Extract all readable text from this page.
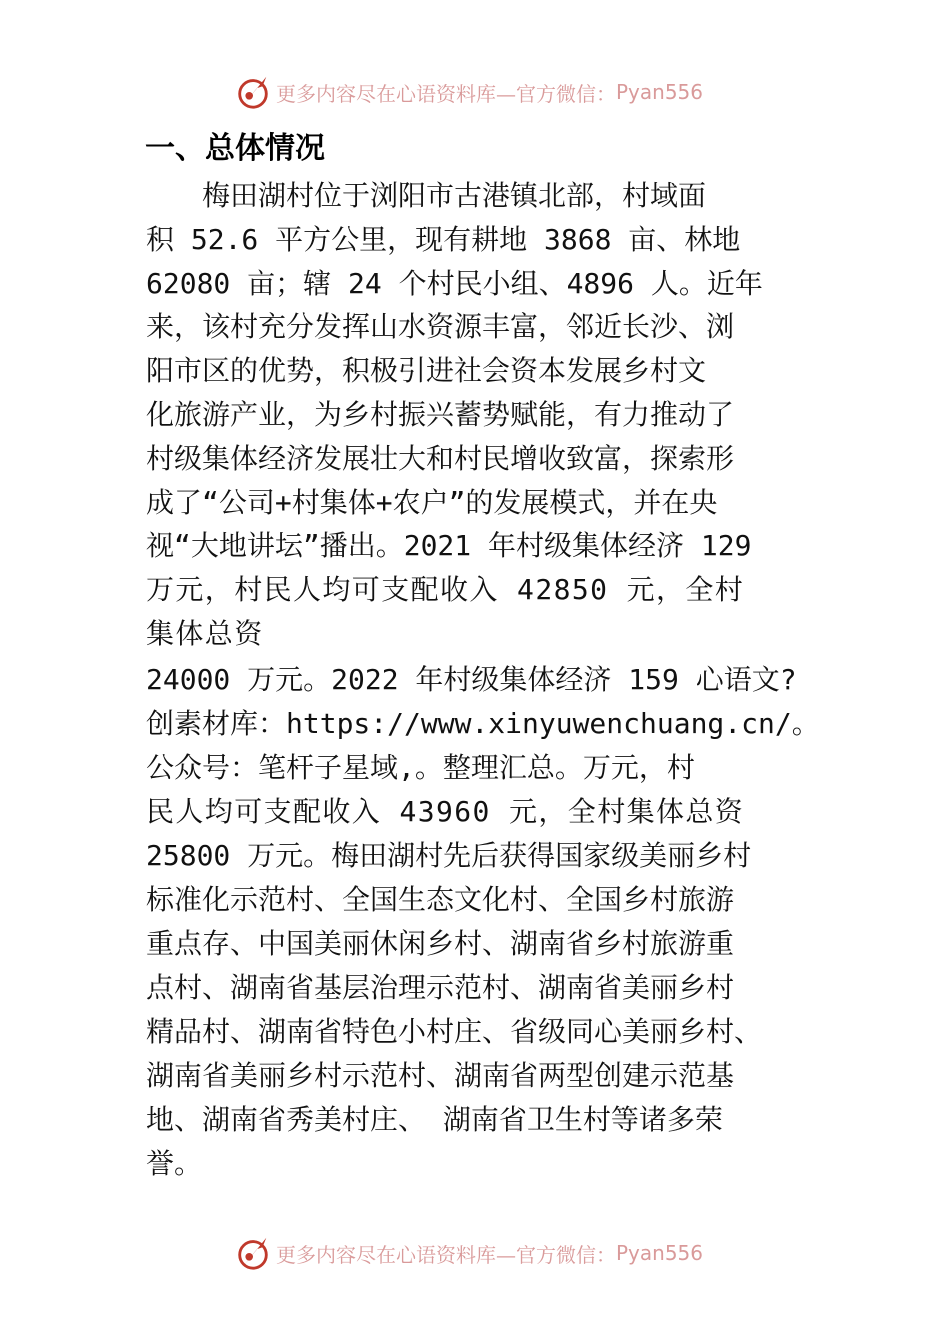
更多内容尽在心语资料库— 官方微信： Pyan556
一、总体情况
　　梅田湖村位于浏阳市古港镇北部，村域面
积 52.6 平方公里，现有耕地 3868 亩、林地
62080 亩；辖 24 个村民小组、4896 人。近年
来，该村充分发挥山水资源丰富，邻近长沙、浏
阳市区的优势，积极引进社会资本发展乡村文
化旅游产业，为乡村振兴蓄势赋能，有力推动了
村级集体经济发展壮大和村民增收致富，探索形
成了“公司+村集体+农户”的发展模式，并在央
视“大地讲坛”播出。2021 年村级集体经济 129
万元，村民人均可支配收入 42850 元，全村
集体总资
24000 万元。2022 年村级集体经济 159 心语文?
创素材库：https://www.xinyuwenchuang.cn/。
公众号：笔杆子星域,。整理汇总。万元，村
民人均可支配收入 43960 元，全村集体总资
25800 万元。梅田湖村先后获得国家级美丽乡村
标准化示范村、全国生态文化村、全国乡村旅游
重点存、中国美丽休闲乡村、湖南省乡村旅游重
点村、湖南省基层治理示范村、湖南省美丽乡村
精品村、湖南省特色小村庄、省级同心美丽乡村、
湖南省美丽乡村示范村、湖南省两型创建示范基
地、湖南省秀美村庄、 湖南省卫生村等诸多荣
誉。
更多内容尽在心语资料库— 官方微信： Pyan556
